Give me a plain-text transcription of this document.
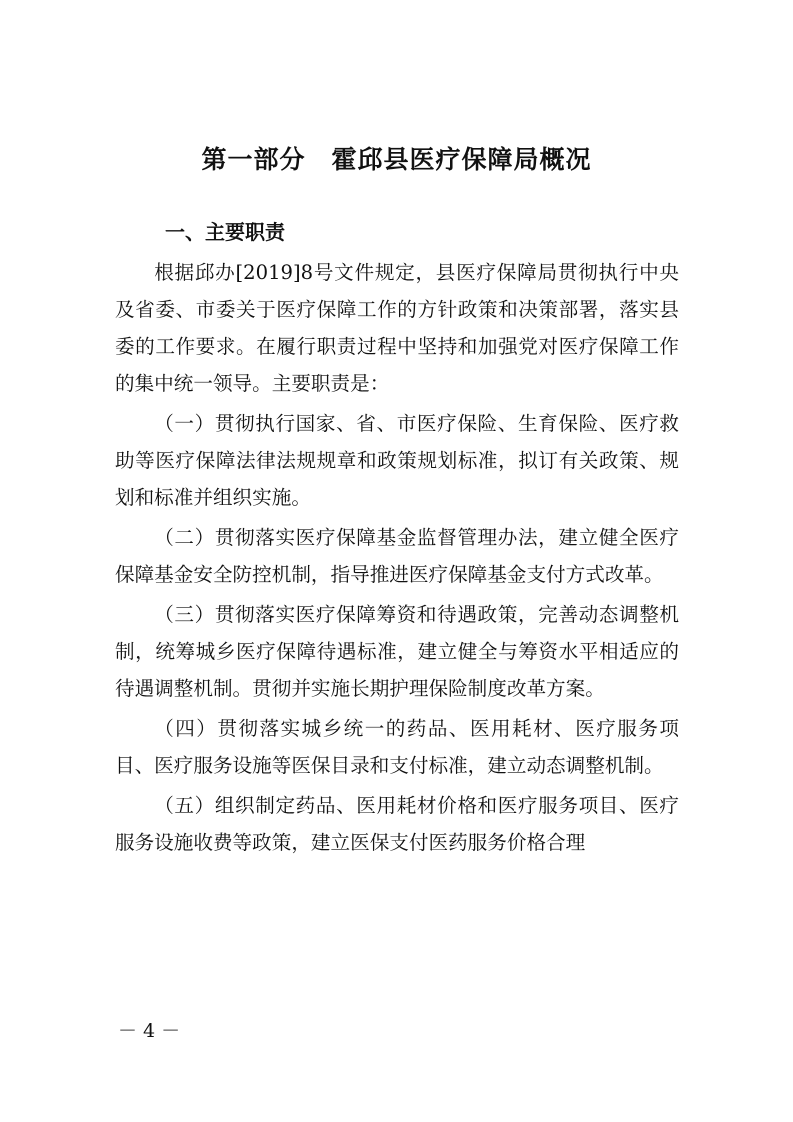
第一部分　霍邱县医疗保障局概况
一、主要职责

根据邱办[2019]8号文件规定，县医疗保障局贯彻执行中央及省委、市委关于医疗保障工作的方针政策和决策部署，落实县委的工作要求。在履行职责过程中坚持和加强党对医疗保障工作的集中统一领导。主要职责是：

（一）贯彻执行国家、省、市医疗保险、生育保险、医疗救助等医疗保障法律法规规章和政策规划标准，拟订有关政策、规划和标准并组织实施。

（二）贯彻落实医疗保障基金监督管理办法，建立健全医疗保障基金安全防控机制，指导推进医疗保障基金支付方式改革。

（三）贯彻落实医疗保障筹资和待遇政策，完善动态调整机制，统筹城乡医疗保障待遇标准，建立健全与筹资水平相适应的待遇调整机制。贯彻并实施长期护理保险制度改革方案。

（四）贯彻落实城乡统一的药品、医用耗材、医疗服务项目、医疗服务设施等医保目录和支付标准，建立动态调整机制。

（五）组织制定药品、医用耗材价格和医疗服务项目、医疗服务设施收费等政策，建立医保支付医药服务价格合理

－ 4 －
